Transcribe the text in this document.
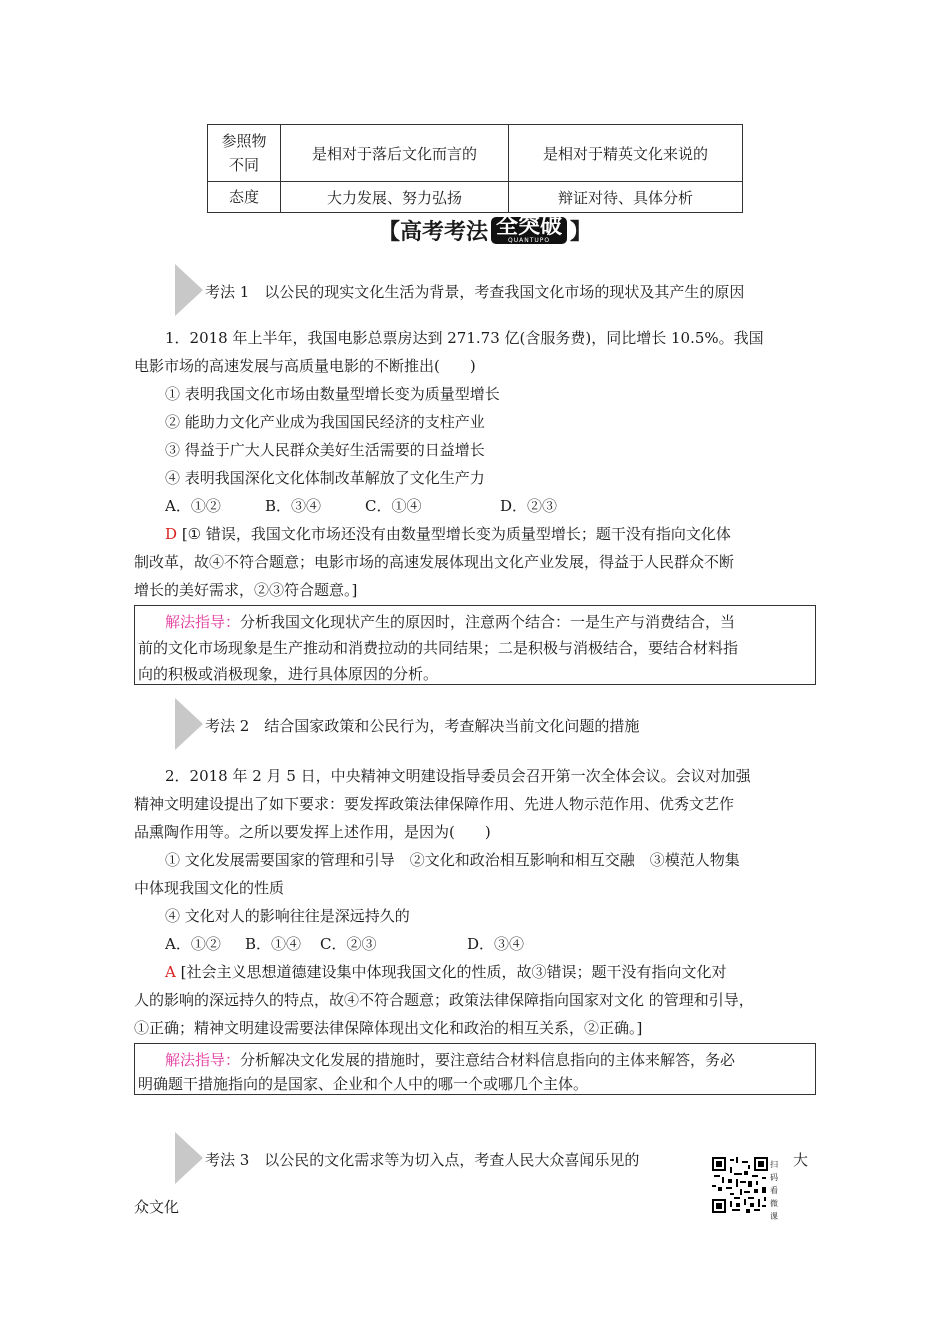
参照物
不同	是相对于落后文化而言的	是相对于精英文化来说的
态度	大力发展、努力弘扬	辩证对待、具体分析
【 高考考法 全突破
QUANTUPO 】
考法 1　以公民的现实文化生活为背景，考查我国文化市场的现状及其产生的原因
1．2018 年上半年，我国电影总票房达到 271.73 亿(含服务费)，同比增长 10.5%。我国
电影市场的高速发展与高质量电影的不断推出(　　)
① 表明我国文化市场由数量型增长变为质量型增长
② 能助力文化产业成为我国国民经济的支柱产业
③ 得益于广大人民群众美好生活需要的日益增长
④ 表明我国深化文化体制改革解放了文化生产力
A．①②	B．③④	C．①④	D．②③
D [① 错误，我国文化市场还没有由数量型增长变为质量型增长；题干没有指向文化体
制改革，故④不符合题意；电影市场的高速发展体现出文化产业发展，得益于人民群众不断
增长的美好需求，②③符合题意。]
解法指导：分析我国文化现状产生的原因时，注意两个结合：一是生产与消费结合，当
前的文化市场现象是生产推动和消费拉动的共同结果；二是积极与消极结合，要结合材料指
向的积极或消极现象，进行具体原因的分析。
考法 2　结合国家政策和公民行为，考查解决当前文化问题的措施
2．2018 年 2 月 5 日，中央精神文明建设指导委员会召开第一次全体会议。会议对加强
精神文明建设提出了如下要求：要发挥政策法律保障作用、先进人物示范作用、优秀文艺作
品熏陶作用等。之所以要发挥上述作用，是因为(　　)
① 文化发展需要国家的管理和引导　②文化和政治相互影响和相互交融　③模范人物集
中体现我国文化的性质
④ 文化对人的影响往往是深远持久的
A．①② B．①④ C．②③	D．③④
A [社会主义思想道德建设集中体现我国文化的性质，故③错误；题干没有指向文化对
人的影响的深远持久的特点，故④不符合题意；政策法律保障指向国家对文化 的管理和引导，
①正确；精神文明建设需要法律保障体现出文化和政治的相互关系，②正确。]
解法指导：分析解决文化发展的措施时，要注意结合材料信息指向的主体来解答，务必
明确题干措施指向的是国家、企业和个人中的哪一个或哪几个主体。
考法 3　以公民的文化需求等为切入点，考查人民大众喜闻乐见的	大
众文化
扫码看微课
